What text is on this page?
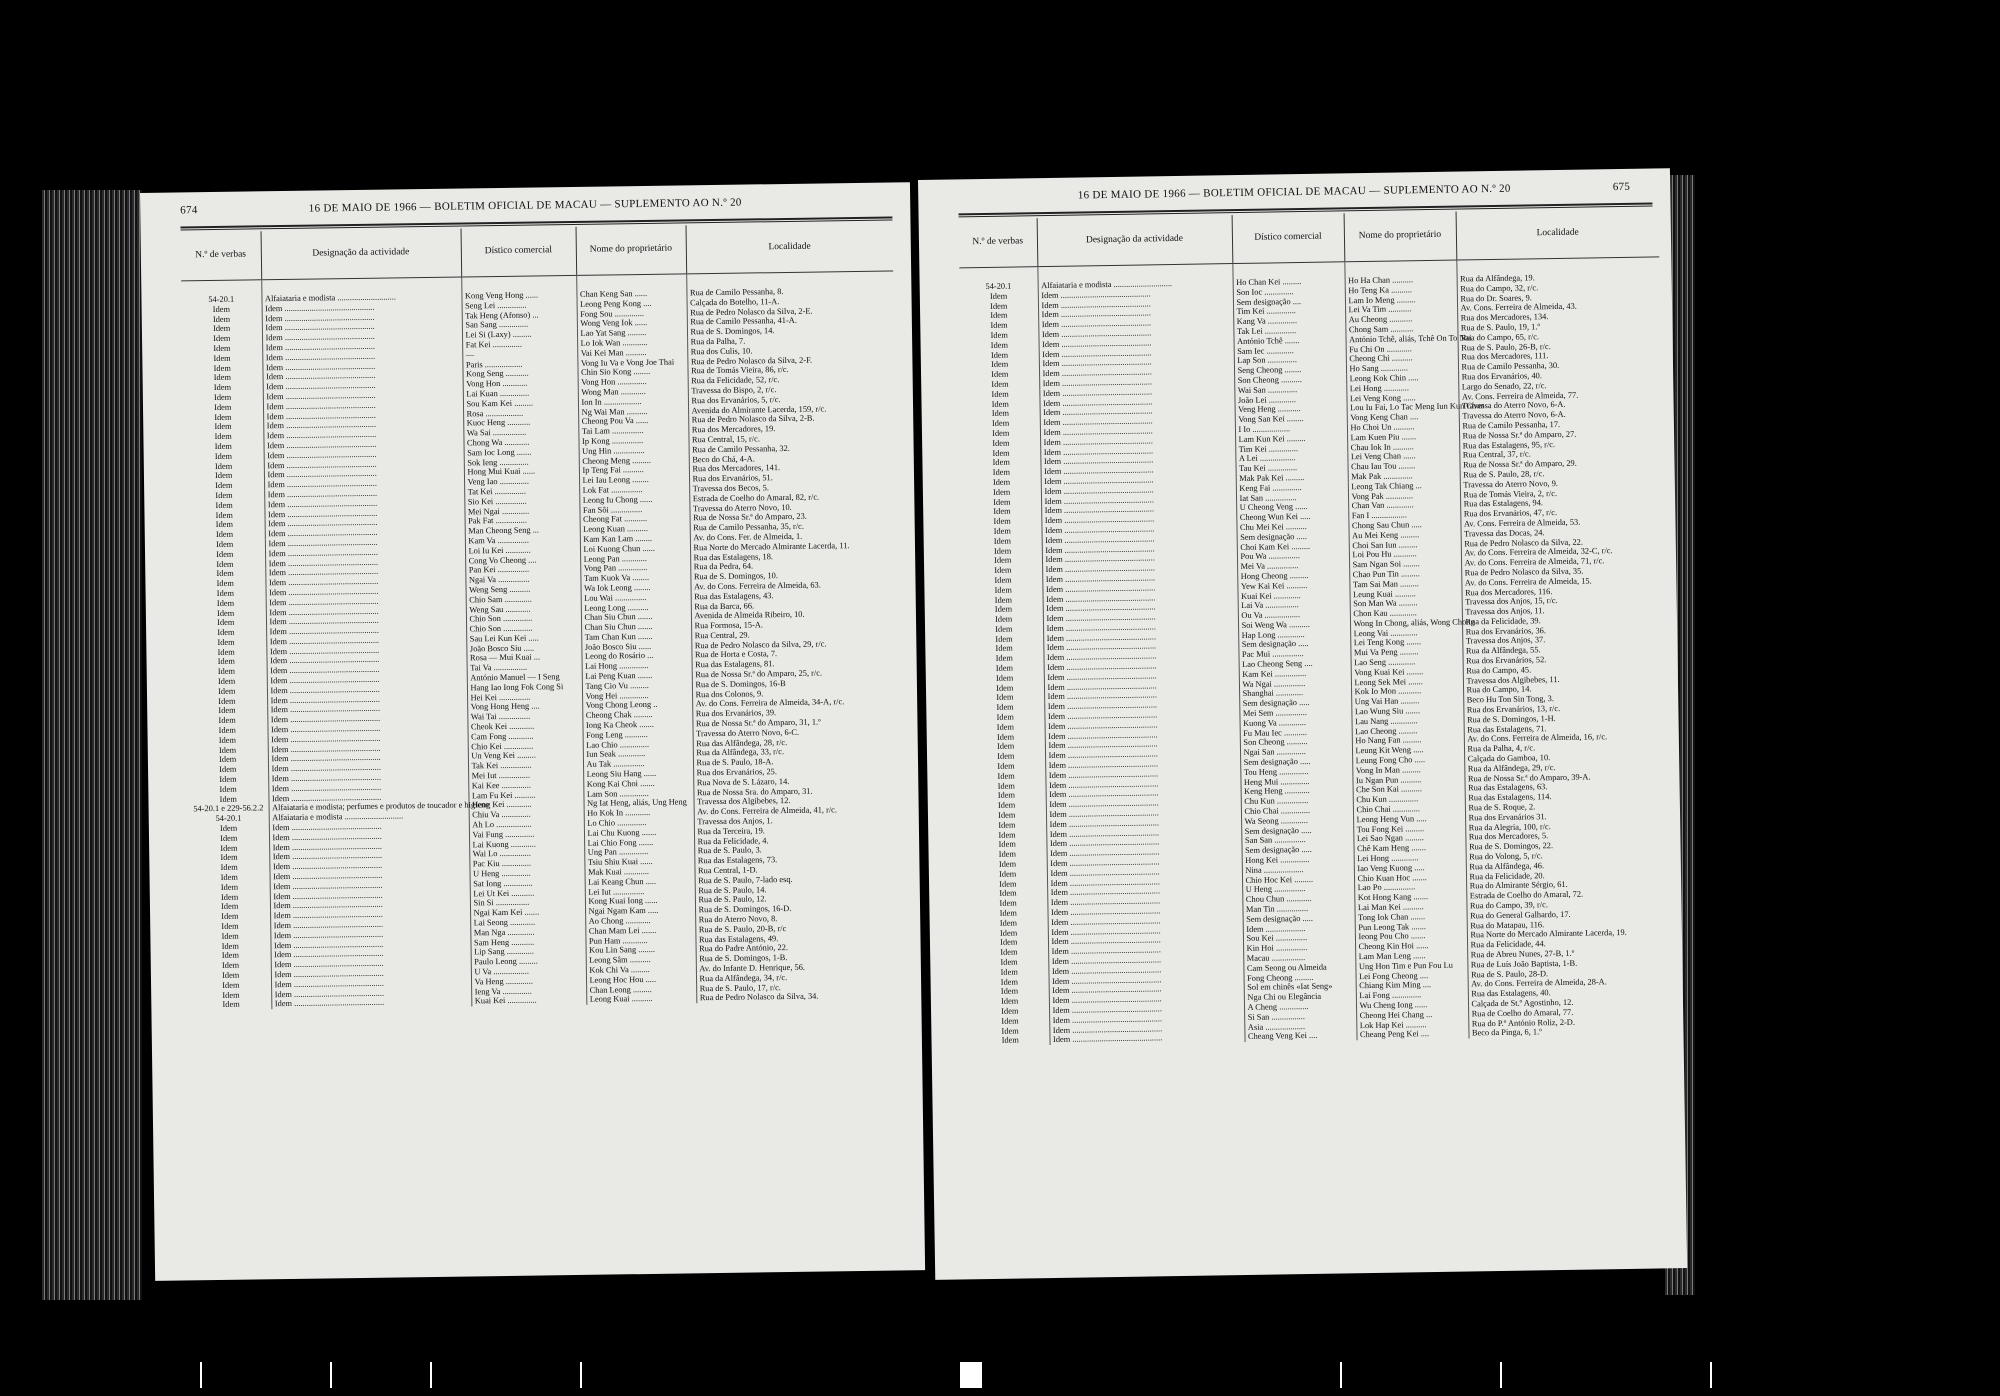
674	16 DE MAIO DE 1966 — BOLETIM OFICIAL DE MACAU — SUPLEMENTO AO N.º 20
N.º de verbas	Designação da actividade	Dístico comercial	Nome do proprietário	Localidade
54-20.1	Alfaiataria e modista ............................	Kong Veng Hong ......	Chan Keng San ......	Rua de Camilo Pessanha, 8.
Idem	Idem ...........................................	Seng Lei ..............	Leong Peng Kong ....	Calçada do Botelho, 11-A.
Idem	Idem ...........................................	Tak Heng (Afonso) ...	Fong Sou ..............	Rua de Pedro Nolasco da Silva, 2-E.
Idem	Idem ...........................................	San Sang ..............	Wong Veng Iok ......	Rua de Camilo Pessanha, 41-A.
Idem	Idem ...........................................	Lei Si (Laxy) .........	Lao Yat Sang .........	Rua de S. Domingos, 14.
Idem	Idem ...........................................	Fat Kei ..............	Lo Iok Wan ............	Rua da Palha, 7.
Idem	Idem ...........................................	—	Vai Kei Man ..........	Rua dos Culis, 10.
Idem	Idem ...........................................	Paris ..................	Vong Iu Va e Vong Joe Thai	Rua de Pedro Nolasco da Silva, 2-F.
Idem	Idem ...........................................	Kong Seng ...........	Chin Sio Kong ........	Rua de Tomás Vieira, 86, r/c.
Idem	Idem ...........................................	Vong Hon ............	Vong Hon ..............	Rua da Felicidade, 52, r/c.
Idem	Idem ...........................................	Lai Kuan ..............	Wong Man ............	Travessa do Bispo, 2, r/c.
Idem	Idem ...........................................	Sou Kam Kei .........	Ion In ..................	Rua dos Ervanários, 5, r/c.
Idem	Idem ...........................................	Rosa ..................	Ng Wai Man ..........	Avenida do Almirante Lacerda, 159, r/c.
Idem	Idem ...........................................	Kuoc Heng ...........	Cheong Pou Va ......	Rua de Pedro Nolasco da Silva, 2-B.
Idem	Idem ...........................................	Wa Sai ................	Tai Lam ...............	Rua dos Mercadores, 19.
Idem	Idem ...........................................	Chong Wa ............	Ip Kong ...............	Rua Central, 15, r/c.
Idem	Idem ...........................................	Sam Ioc Long .......	Ung Hin ...............	Rua de Camilo Pessanha, 32.
Idem	Idem ...........................................	Sok Ieng ..............	Cheong Meng .........	Beco do Chá, 4-A.
Idem	Idem ...........................................	Hong Mui Kuai ......	Ip Teng Fai ..........	Rua dos Mercadores, 141.
Idem	Idem ...........................................	Veng Iao ..............	Lei Iau Leong ........	Rua dos Ervanários, 51.
Idem	Idem ...........................................	Tat Kei ...............	Lok Fat ...............	Travessa dos Becos, 5.
Idem	Idem ...........................................	Sio Kei ...............	Leong Iu Chong ......	Estrada de Coelho do Amaral, 82, r/c.
Idem	Idem ...........................................	Mei Ngai .............	Fan Sôi ...............	Travessa do Aterro Novo, 10.
Idem	Idem ...........................................	Pak Fat ...............	Cheong Fat ...........	Rua de Nossa Sr.ª do Amparo, 23.
Idem	Idem ...........................................	Man Cheong Seng ...	Leong Kuan ..........	Rua de Camilo Pessanha, 35, r/c.
Idem	Idem ...........................................	Kam Va ...............	Kam Kan Lam ........	Av. do Cons. Fer. de Almeida, 1.
Idem	Idem ...........................................	Loi Iu Kei ............	Loi Kuong Chun ......	Rua Norte do Mercado Almirante Lacerda, 11.
Idem	Idem ...........................................	Cong Vo Cheong ....	Leong Pan ............	Rua das Estalagens, 18.
Idem	Idem ...........................................	Pan Kei ...............	Vong Pan ..............	Rua da Pedra, 64.
Idem	Idem ...........................................	Ngai Va ...............	Tam Kuok Va ........	Rua de S. Domingos, 10.
Idem	Idem ...........................................	Weng Seng ..........	Wa Iok Leong ........	Av. do Cons. Ferreira de Almeida, 63.
Idem	Idem ...........................................	Chio Sam .............	Lou Wai ...............	Rua das Estalagens, 43.
Idem	Idem ...........................................	Weng Sau ............	Leong Long ..........	Rua da Barca, 66.
Idem	Idem ...........................................	Chio Son ..............	Chan Siu Chun .......	Avenida de Almeida Ribeiro, 10.
Idem	Idem ...........................................	Chio Son ..............	Chan Siu Chun .......	Rua Formosa, 15-A.
Idem	Idem ...........................................	Sau Lei Kun Kei .....	Tam Chan Kun .......	Rua Central, 29.
Idem	Idem ...........................................	João Bosco Siu .....	João Bosco Siu ......	Rua de Pedro Nolasco da Silva, 29, r/c.
Idem	Idem ...........................................	Rosa — Mui Kuai ...	Leong do Rosário ...	Rua de Horta e Costa, 7.
Idem	Idem ...........................................	Tai Va ................	Lai Hong ..............	Rua das Estalagens, 81.
Idem	Idem ...........................................	António Manuel — I Seng	Lai Peng Kuan .......	Rua de Nossa Sr.ª do Amparo, 25, r/c.
Idem	Idem ...........................................	Hang Iao Iong Fok Cong Si	Tang Cio Vu .........	Rua de S. Domingos, 16-B
Idem	Idem ...........................................	Hei Kei ...............	Vong Hei ..............	Rua dos Colonos, 9.
Idem	Idem ...........................................	Vong Hong Heng ....	Vong Chong Leong ..	Av. do Cons. Ferreira de Almeida, 34-A, r/c.
Idem	Idem ...........................................	Wai Tai ...............	Cheong Chak .........	Rua dos Ervanários, 39.
Idem	Idem ...........................................	Cheok Kei ............	Iong Ka Cheok .......	Rua de Nossa Sr.ª do Amparo, 31, 1.º
Idem	Idem ...........................................	Cam Fong ............	Fong Leng ...........	Travessa do Aterro Novo, 6-C.
Idem	Idem ...........................................	Chio Kei ..............	Lao Chio ..............	Rua das Alfândega, 28, r/c.
Idem	Idem ...........................................	Un Veng Kei .........	Iun Seak .............	Rua da Alfândega, 33, r/c.
Idem	Idem ...........................................	Tak Kei ...............	Au Tak ...............	Rua de S. Paulo, 18-A.
Idem	Idem ...........................................	Mei Iut ...............	Leong Siu Hang ......	Rua dos Ervanários, 25.
Idem	Idem ...........................................	Kai Kee ..............	Kong Kai Choi .......	Rua Nova de S. Lázaro, 14.
Idem	Idem ...........................................	Lam Fu Kei ..........	Lam Son ..............	Rua de Nossa Sra. do Amparo, 31.
54-20.1 e 229-56.2.2	Alfaiataria e modista; perfumes e produtos de toucador e higiene	Heng Kei ............	Ng Iat Heng, aliás, Ung Heng	Travessa dos Algibebes, 12.
54-20.1	Alfaiataria e modista ............................	Chiu Va ..............	Ho Kok In ............	Av. do Cons. Ferreira de Almeida, 41, r/c.
Idem	Idem ...........................................	Ah Lo .................	Lo Chio ..............	Travessa dos Anjos, 1.
Idem	Idem ...........................................	Vai Fung ..............	Lai Chu Kuong .......	Rua da Terceira, 19.
Idem	Idem ...........................................	Lai Kuong ............	Lai Chio Fong .......	Rua da Felicidade, 4.
Idem	Idem ...........................................	Wai Lo ...............	Ung Pan ..............	Rua de S. Paulo, 3.
Idem	Idem ...........................................	Pac Kiu ..............	Tsiu Shiu Kuai ......	Rua das Estalagens, 73.
Idem	Idem ...........................................	U Heng ..............	Mak Kuai ............	Rua Central, 1-D.
Idem	Idem ...........................................	Sat Iong ..............	Lai Keang Chun .....	Rua de S. Paulo, 7-lado esq.
Idem	Idem ...........................................	Lei Ut Kei ...........	Lei Iut ...............	Rua de S. Paulo, 14.
Idem	Idem ...........................................	Sin Si ................	Kong Kuai Iong ......	Rua de S. Paulo, 12.
Idem	Idem ...........................................	Ngai Kam Kei .......	Ngai Ngam Kam .....	Rua de S. Domingos, 16-D.
Idem	Idem ...........................................	Lai Seong ............	Ao Chong ............	Rua do Aterro Novo, 8.
Idem	Idem ...........................................	Man Nga .............	Chan Mam Lei .......	Rua de S. Paulo, 20-B, r/c
Idem	Idem ...........................................	Sam Heng ...........	Pun Ham ............	Rua das Estalagens, 49.
Idem	Idem ...........................................	Lip Sang .............	Kou Lin Sang ........	Rua do Padre António, 22.
Idem	Idem ...........................................	Paulo Leong .........	Leong Sâm ..........	Rua de S. Domingos, 1-B.
Idem	Idem ...........................................	U Va .................	Kok Chi Va .........	Av. do Infante D. Henrique, 56.
Idem	Idem ...........................................	Va Heng .............	Leong Hoc Hou .....	Rua da Alfândega, 34, r/c.
Idem	Idem ...........................................	Ieng Va ..............	Chan Leong .........	Rua de S. Paulo, 17, r/c.
Idem	Idem ...........................................	Kuai Kei ..............	Leong Kuai ..........	Rua de Pedro Nolasco da Silva, 34.
16 DE MAIO DE 1966 — BOLETIM OFICIAL DE MACAU — SUPLEMENTO AO N.º 20	675
N.º de verbas	Designação da actividade	Dístico comercial	Nome do proprietário	Localidade
54-20.1	Alfaiataria e modista ............................	Ho Chan Kei .........	Ho Ha Chan ..........	Rua da Alfândega, 19.
Idem	Idem ...........................................	Son Ioc ..............	Ho Teng Ka ..........	Rua do Campo, 32, r/c.
Idem	Idem ...........................................	Sem designação ....	Lam Io Meng .........	Rua do Dr. Soares, 9.
Idem	Idem ...........................................	Tim Kei ..............	Lei Va Tim ...........	Av. Cons. Ferreira de Almeida, 43.
Idem	Idem ...........................................	Kang Va ..............	Au Cheong ...........	Rua dos Mercadores, 134.
Idem	Idem ...........................................	Tak Lei ...............	Chong Sam ...........	Rua de S. Paulo, 19, 1.º
Idem	Idem ...........................................	António Tchê .......	António Tchê, aliás, Tchê On To Nai	Rua do Campo, 65, r/c.
Idem	Idem ...........................................	Sam Iec .............	Fu Chi On ............	Rua de S. Paulo, 26-B, r/c.
Idem	Idem ...........................................	Lap Son ..............	Cheong Chi ..........	Rua dos Mercadores, 111.
Idem	Idem ...........................................	Seng Cheong ........	Ho Sang .............	Rua de Camilo Pessanha, 30.
Idem	Idem ...........................................	Son Cheong ..........	Leong Kok Chin .....	Rua dos Ervanários, 40.
Idem	Idem ...........................................	Wai San ..............	Lei Hong ............	Largo do Senado, 22, r/c.
Idem	Idem ...........................................	João Lei .............	Lei Veng Kong ......	Av. Cons. Ferreira de Almeida, 77.
Idem	Idem ...........................................	Veng Heng ...........	Lou Iu Fai, Lo Tac Meng Iun Kun Chun	Travessa do Aterro Novo, 6-A.
Idem	Idem ...........................................	Vong San Kei ........	Vong Keng Chan ....	Travessa do Aterro Novo, 6-A.
Idem	Idem ...........................................	I Io ..................	Ho Choi Un ..........	Rua de Camilo Pessanha, 17.
Idem	Idem ...........................................	Lam Kun Kei .........	Lam Kuen Piu .......	Rua de Nossa Sr.ª do Amparo, 27.
Idem	Idem ...........................................	Tim Kei ..............	Chau Iok In ..........	Rua das Estalagens, 95, r/c.
Idem	Idem ...........................................	A Lei .................	Lei Veng Chan ......	Rua Central, 37, r/c.
Idem	Idem ...........................................	Tau Kei ..............	Chau Iau Tou ........	Rua de Nossa Sr.ª do Amparo, 29.
Idem	Idem ...........................................	Mak Pak Kei .........	Mak Pak ..............	Rua de S. Paulo, 28, r/c.
Idem	Idem ...........................................	Keng Fai ..............	Leong Tak Chiang ...	Travessa do Aterro Novo, 9.
Idem	Idem ...........................................	Iat San ...............	Vong Pak .............	Rua de Tomás Vieira, 2, r/c.
Idem	Idem ...........................................	U Cheong Veng ......	Chan Van .............	Rua das Estalagens, 94.
Idem	Idem ...........................................	Cheong Wun Kei .....	Fan I .................	Rua dos Ervanários, 47, r/c.
Idem	Idem ...........................................	Chu Mei Kei ..........	Chong Sau Chun .....	Av. Cons. Ferreira de Almeida, 53.
Idem	Idem ...........................................	Sem designação .....	Au Mei Keng .........	Travessa das Docas, 24.
Idem	Idem ...........................................	Choi Kam Kei .........	Choi San Iun .........	Rua de Pedro Nolasco da Silva, 22.
Idem	Idem ...........................................	Pou Wa ...............	Loi Pou Hu ...........	Av. do Cons. Ferreira de Almeida, 32-C, r/c.
Idem	Idem ...........................................	Mei Va ...............	Sam Ngan Soi ........	Av. do Cons. Ferreira de Almeida, 71, r/c.
Idem	Idem ...........................................	Hong Cheong .........	Chao Pun Tin .........	Rua de Pedro Nolasco da Silva, 35.
Idem	Idem ...........................................	Yew Kai Kei ..........	Tam Sai Man .........	Av. do Cons. Ferreira de Almeida, 15.
Idem	Idem ...........................................	Kuai Kei .............	Leung Kuai ..........	Rua dos Mercadores, 116.
Idem	Idem ...........................................	Lai Va ................	Son Man Wa .........	Travessa dos Anjos, 15, r/c.
Idem	Idem ...........................................	Ou Va .................	Chon Kau .............	Travessa dos Anjos, 11.
Idem	Idem ...........................................	Soi Weng Wa ..........	Wong In Chong, aliás, Wong Chong	Rua da Felicidade, 39.
Idem	Idem ...........................................	Hap Long .............	Leong Vai .............	Rua dos Ervanários, 36.
Idem	Idem ...........................................	Sem designação .....	Lei Teng Kong .......	Travessa dos Anjos, 37.
Idem	Idem ...........................................	Pac Mui ...............	Mui Va Peng .........	Rua da Alfândega, 55.
Idem	Idem ...........................................	Lao Cheong Seng ....	Lao Seng .............	Rua dos Ervanários, 52.
Idem	Idem ...........................................	Kam Kei ...............	Vong Kuai Kei ........	Rua do Campo, 45.
Idem	Idem ...........................................	Wa Ngai ...............	Leong Sek Mei .......	Travessa dos Algibebes, 11.
Idem	Idem ...........................................	Shanghai .............	Kok Io Mon ...........	Rua do Campo, 14.
Idem	Idem ...........................................	Sem designação .....	Ung Vai Han .........	Beco Hu Ton Sin Tong, 3.
Idem	Idem ...........................................	Mei Sem ...............	Lao Wung Siu .......	Rua dos Ervanários, 13, r/c.
Idem	Idem ...........................................	Kuong Va .............	Lau Nang .............	Rua de S. Domingos, 1-H.
Idem	Idem ...........................................	Fu Mau Iec ...........	Lao Cheong .........	Rua das Estalagens, 71.
Idem	Idem ...........................................	Son Cheong ..........	Ho Nang Fan .........	Av. do Cons. Ferreira de Almeida, 16, r/c.
Idem	Idem ...........................................	Ngai San ..............	Leung Kit Weng .....	Rua da Palha, 4, r/c.
Idem	Idem ...........................................	Sem designação .....	Leung Fong Cho .....	Calçada do Gamboa, 10.
Idem	Idem ...........................................	Tou Heng ..............	Vong In Man .........	Rua da Alfândega, 29, r/c.
Idem	Idem ...........................................	Heng Mui ..............	Iu Ngan Pun ..........	Rua de Nossa Sr.ª do Amparo, 39-A.
Idem	Idem ...........................................	Keng Heng ............	Che Son Kai ..........	Rua das Estalagens, 63.
Idem	Idem ...........................................	Chu Kun ...............	Chu Kun ..............	Rua das Estalagens, 114.
Idem	Idem ...........................................	Chio Chai ..............	Chio Chai .............	Rua de S. Roque, 2.
Idem	Idem ...........................................	Wa Seong .............	Leong Heng Vun .....	Rua dos Ervanários 31.
Idem	Idem ...........................................	Sem designação .....	Tou Fong Kei .........	Rua da Alegria, 100, r/c.
Idem	Idem ...........................................	San San ...............	Lei Sao Ngan .........	Rua dos Mercadores, 5.
Idem	Idem ...........................................	Sem designação .....	Chê Kam Heng .......	Rua de S. Domingos, 22.
Idem	Idem ...........................................	Hong Kei ..............	Lei Hong .............	Rua do Volong, 5, r/c.
Idem	Idem ...........................................	Nina ...................	Iao Veng Kuong .....	Rua da Alfândega, 46.
Idem	Idem ...........................................	Chio Hoc Kei .........	Chio Kuan Hoc .......	Rua da Felicidade, 20.
Idem	Idem ...........................................	U Heng ...............	Lao Po ...............	Rua do Almirante Sérgio, 61.
Idem	Idem ...........................................	Chou Chun ............	Kot Hong Kang .......	Estrada de Coelho do Amaral, 72.
Idem	Idem ...........................................	Man Tin ...............	Lai Man Kei ..........	Rua do Campo, 39, r/c.
Idem	Idem ...........................................	Sem designação .....	Tong Iok Chan .......	Rua do General Galhardo, 17.
Idem	Idem ...........................................	Idem ...................	Pun Leong Tak .......	Rua do Matapau, 116.
Idem	Idem ...........................................	Sou Kei ...............	Ieong Pou Cho .......	Rua Norte do Mercado Almirante Lacerda, 19.
Idem	Idem ...........................................	Kin Hoi ...............	Cheong Kin Hoi ......	Rua da Felicidade, 44.
Idem	Idem ...........................................	Macau ................	Lam Man Leng ......	Rua de Abreu Nunes, 27-B, 1.º
Idem	Idem ...........................................	Cam Seong ou Almeida	Ung Hon Tim e Pun Fou Lu	Rua de Luís João Baptista, 1-B.
Idem	Idem ...........................................	Fong Cheong .........	Lei Fong Cheong ....	Rua de S. Paulo, 28-D.
Idem	Idem ...........................................	Sol em chinês «Iat Seng»	Chiang Kim Ming ....	Av. do Cons. Ferreira de Almeida, 28-A.
Idem	Idem ...........................................	Nga Chi ou Elegância	Lai Fong ..............	Rua das Estalagens, 40.
Idem	Idem ...........................................	A Cheng ..............	Wu Cheng Iong ......	Calçada de St.º Agostinho, 12.
Idem	Idem ...........................................	Si San ................	Cheong Hei Chang ...	Rua de Coelho do Amaral, 77.
Idem	Idem ...........................................	Asia ...................	Lok Hap Kei ..........	Rua do P.º António Roliz, 2-D.
Idem	Idem ...........................................	Cheang Veng Kei ....	Cheang Peng Kei ....	Beco da Pinga, 6, 1.º
